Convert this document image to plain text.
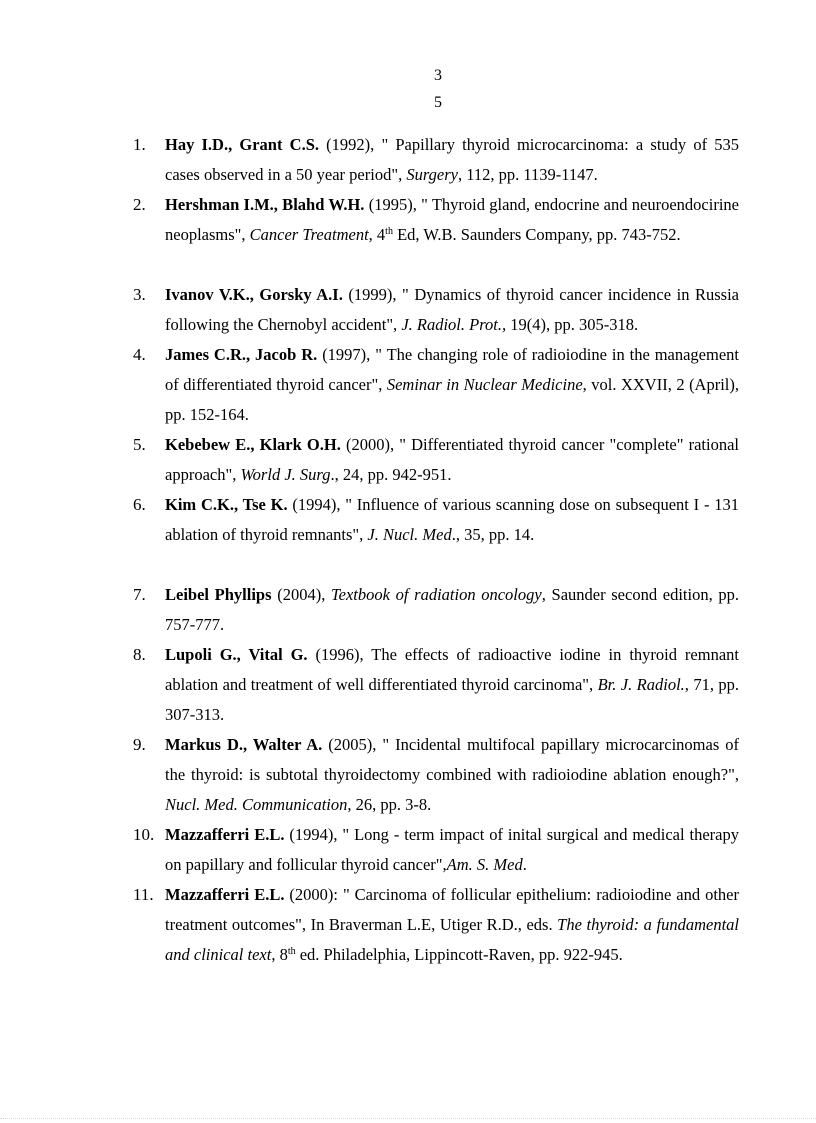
3
5
1. Hay I.D., Grant C.S. (1992), " Papillary thyroid microcarcinoma: a study of 535 cases observed in a 50 year period", Surgery, 112, pp. 1139-1147.
2. Hershman I.M., Blahd W.H. (1995), " Thyroid gland, endocrine and neuroendocirine neoplasms", Cancer Treatment, 4th Ed, W.B. Saunders Company, pp. 743-752.
3. Ivanov V.K., Gorsky A.I. (1999), " Dynamics of thyroid cancer incidence in Russia following the Chernobyl accident", J. Radiol. Prot., 19(4), pp. 305-318.
4. James C.R., Jacob R. (1997), " The changing role of radioiodine in the management of differentiated thyroid cancer", Seminar in Nuclear Medicine, vol. XXVII, 2 (April), pp. 152-164.
5. Kebebew E., Klark O.H. (2000), " Differentiated thyroid cancer "complete" rational approach", World J. Surg., 24, pp. 942-951.
6. Kim C.K., Tse K. (1994), " Influence of various scanning dose on subsequent I - 131 ablation of thyroid remnants", J. Nucl. Med., 35, pp. 14.
7. Leibel Phyllips (2004), Textbook of radiation oncology, Saunder second edition, pp. 757-777.
8. Lupoli G., Vital G. (1996), The effects of radioactive iodine in thyroid remnant ablation and treatment of well differentiated thyroid carcinoma", Br. J. Radiol., 71, pp. 307-313.
9. Markus D., Walter A. (2005), " Incidental multifocal papillary microcarcinomas of the thyroid: is subtotal thyroidectomy combined with radioiodine ablation enough?", Nucl. Med. Communication, 26, pp. 3-8.
10. Mazzafferri E.L. (1994), " Long - term impact of inital surgical and medical therapy on papillary and follicular thyroid cancer",Am. S. Med.
11. Mazzafferri E.L. (2000): " Carcinoma of follicular epithelium: radioiodine and other treatment outcomes", In Braverman L.E, Utiger R.D., eds. The thyroid: a fundamental and clinical text, 8th ed. Philadelphia, Lippincott-Raven, pp. 922-945.
